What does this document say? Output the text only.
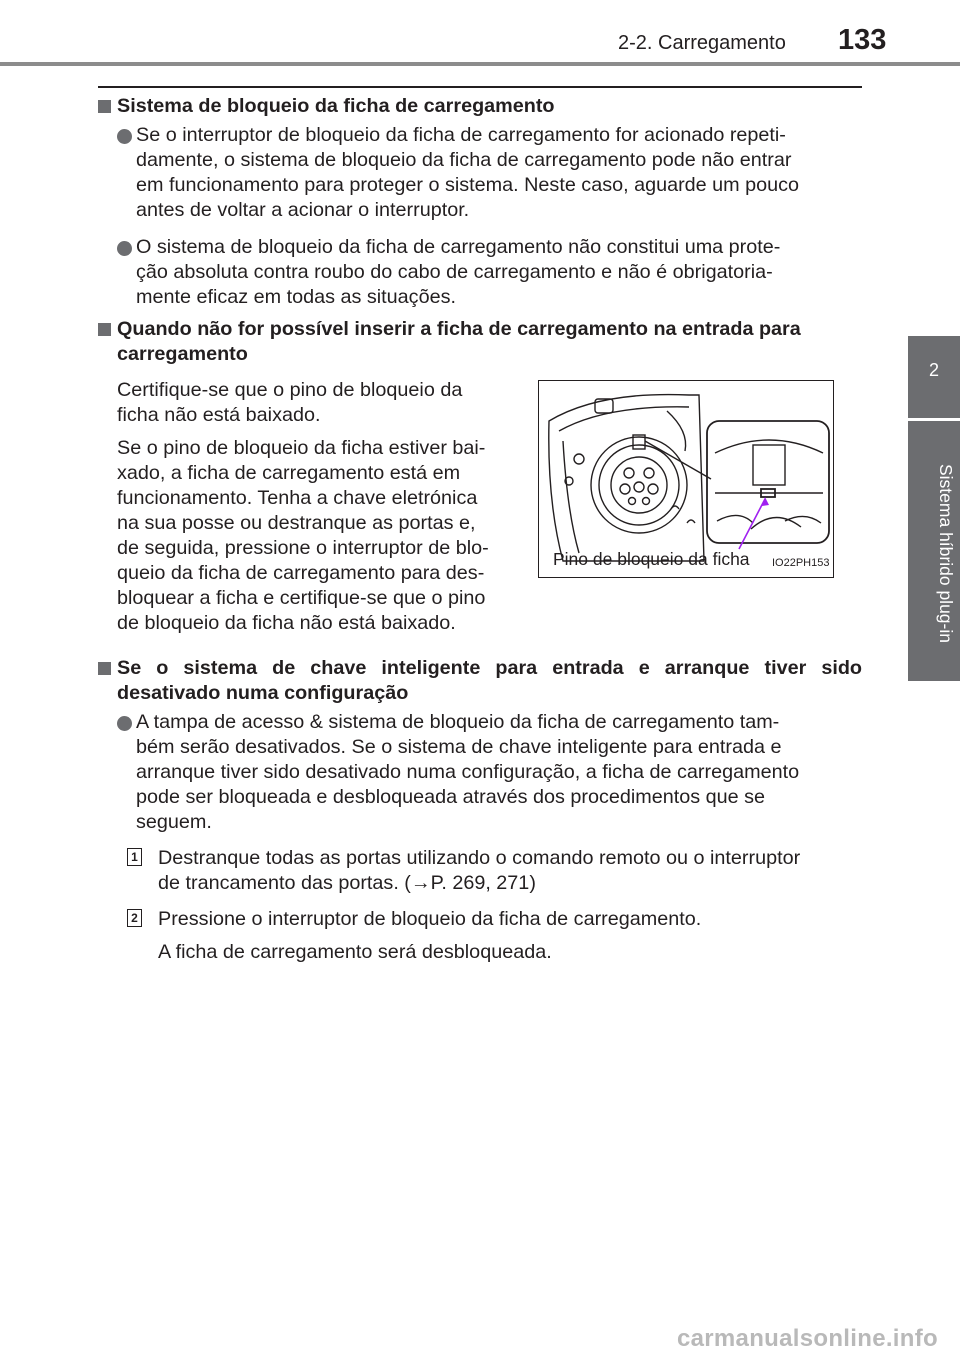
2-2. Carregamento 133
2
Sistema híbrido plug-in
Sistema de bloqueio da ficha de carregamento
Se o interruptor de bloqueio da ficha de carregamento for acionado repeti-
damente, o sistema de bloqueio da ficha de carregamento pode não entrar
em funcionamento para proteger o sistema. Neste caso, aguarde um pouco
antes de voltar a acionar o interruptor.
O sistema de bloqueio da ficha de carregamento não constitui uma prote-
ção absoluta contra roubo do cabo de carregamento e não é obrigatoria-
mente eficaz em todas as situações.
Quando não for possível inserir a ficha de carregamento na entrada para
carregamento
Certifique-se que o pino de bloqueio da
ficha não está baixado.
Se o pino de bloqueio da ficha estiver bai-
xado, a ficha de carregamento está em
funcionamento. Tenha a chave eletrónica
na sua posse ou destranque as portas e,
de seguida, pressione o interruptor de blo-
queio da ficha de carregamento para des-
bloquear a ficha e certifique-se que o pino
de bloqueio da ficha não está baixado.
Pino de bloqueio da ficha IO22PH153
Se o sistema de chave inteligente para entrada e arranque tiver sido
desativado numa configuração
A tampa de acesso & sistema de bloqueio da ficha de carregamento tam-
bém serão desativados. Se o sistema de chave inteligente para entrada e
arranque tiver sido desativado numa configuração, a ficha de carregamento
pode ser bloqueada e desbloqueada através dos procedimentos que se
seguem.
1 Destranque todas as portas utilizando o comando remoto ou o interruptor
de trancamento das portas. (→P. 269, 271)
2 Pressione o interruptor de bloqueio da ficha de carregamento.
A ficha de carregamento será desbloqueada.
carmanualsonline.info
